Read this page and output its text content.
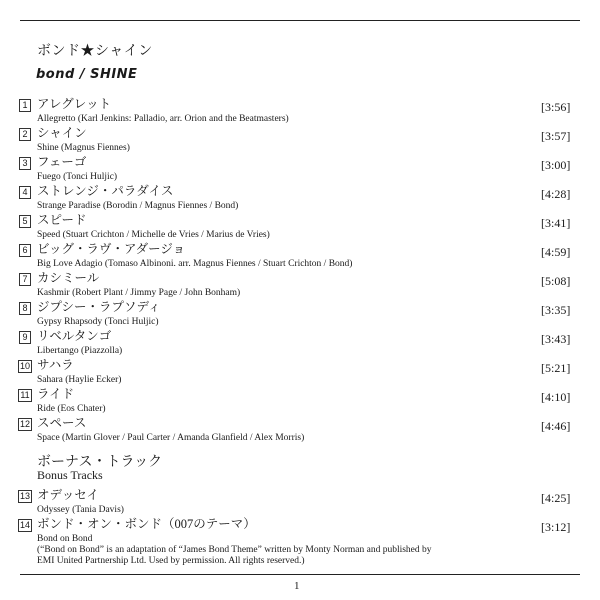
ボンド★シャイン
bond / SHINE
1 アレグレット
Allegretto (Karl Jenkins: Palladio, arr. Orion and the Beatmasters)
[3:56]
2 シャイン
Shine (Magnus Fiennes)
[3:57]
3 フェーゴ
Fuego (Tonci Huljic)
[3:00]
4 ストレンジ・パラダイス
Strange Paradise (Borodin / Magnus Fiennes / Bond)
[4:28]
5 スピード
Speed (Stuart Crichton / Michelle de Vries / Marius de Vries)
[3:41]
6 ビッグ・ラヴ・アダージョ
Big Love Adagio (Tomaso Albinoni. arr. Magnus Fiennes / Stuart Crichton / Bond)
[4:59]
7 カシミール
Kashmir (Robert Plant / Jimmy Page / John Bonham)
[5:08]
8 ジプシー・ラプソディ
Gypsy Rhapsody (Tonci Huljic)
[3:35]
9 リベルタンゴ
Libertango (Piazzolla)
[3:43]
10 サハラ
Sahara (Haylie Ecker)
[5:21]
11 ライド
Ride (Eos Chater)
[4:10]
12 スペース
Space (Martin Glover / Paul Carter / Amanda Glanfield / Alex Morris)
[4:46]
ボーナス・トラック
Bonus Tracks
13 オデッセイ
Odyssey (Tania Davis)
[4:25]
14 ボンド・オン・ボンド（007のテーマ）
Bond on Bond
[3:12]
(“Bond on Bond” is an adaptation of “James Bond Theme” written by Monty Norman and published by
EMI United Partnership Ltd. Used by permission. All rights reserved.)
1
